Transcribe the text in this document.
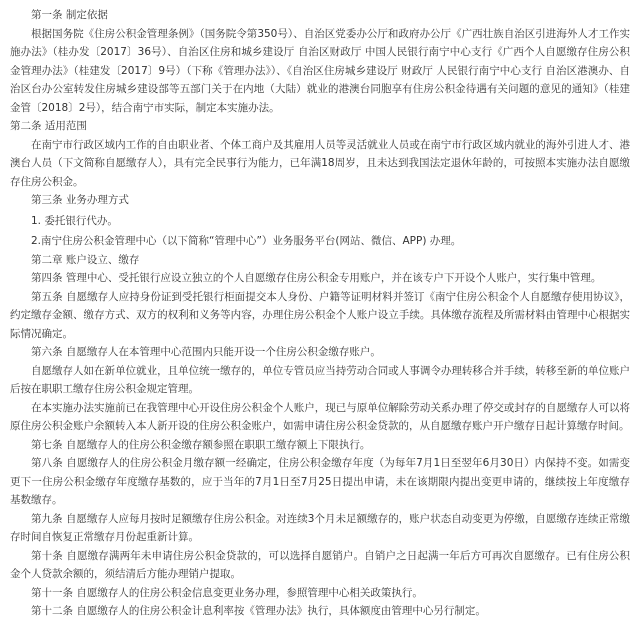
第一条 制定依据

根据国务院《住房公积金管理条例》（国务院令第350号）、自治区党委办公厅和政府办公厅《广西壮族自治区引进海外人才工作实施办法》（桂办发〔2017〕36号）、自治区住房和城乡建设厅 自治区财政厅 中国人民银行南宁中心支行《广西个人自愿缴存住房公积金管理办法》（桂建发〔2017〕9号）（下称《管理办法》）、《自治区住房城乡建设厅 财政厅 人民银行南宁中心支行 自治区港澳办、自治区台办公室转发住房城乡建设部等五部门关于在内地（大陆）就业的港澳台同胞享有住房公积金待遇有关问题的意见的通知》（桂建金管〔2018〕2号），结合南宁市实际，制定本实施办法。

第二条 适用范围

在南宁市行政区域内工作的自由职业者、个体工商户及其雇用人员等灵活就业人员或在南宁市行政区域内就业的海外引进人才、港澳台人员（下文简称自愿缴存人），具有完全民事行为能力，已年满18周岁，且未达到我国法定退休年龄的，可按照本实施办法自愿缴存住房公积金。

第三条 业务办理方式

1. 委托银行代办。

2.南宁住房公积金管理中心（以下简称“管理中心”）业务服务平台(网站、微信、APP) 办理。

第二章 账户设立、缴存

第四条 管理中心、受托银行应设立独立的个人自愿缴存住房公积金专用账户，并在该专户下开设个人账户，实行集中管理。

第五条 自愿缴存人应持身份证到受托银行柜面提交本人身份、户籍等证明材料并签订《南宁住房公积金个人自愿缴存使用协议》，约定缴存金额、缴存方式、双方的权利和义务等内容，办理住房公积金个人账户设立手续。具体缴存流程及所需材料由管理中心根据实际情况确定。

第六条 自愿缴存人在本管理中心范围内只能开设一个住房公积金缴存账户。

自愿缴存人如在新单位就业，且单位统一缴存的，单位专管员应当持劳动合同或人事调令办理转移合并手续，转移至新的单位账户后按在职职工缴存住房公积金规定管理。

在本实施办法实施前已在我管理中心开设住房公积金个人账户，现已与原单位解除劳动关系办理了停交或封存的自愿缴存人可以将原住房公积金账户余额转入本人新开设的住房公积金账户，如需申请住房公积金贷款的，从自愿缴存账户开户缴存日起计算缴存时间。

第七条 自愿缴存人的住房公积金缴存额参照在职职工缴存额上下限执行。

第八条 自愿缴存人的住房公积金月缴存额一经确定，住房公积金缴存年度（为每年7月1日至翌年6月30日）内保持不变。如需变更下一住房公积金缴存年度缴存基数的，应于当年的7月1日至7月25日提出申请，未在该期限内提出变更申请的，继续按上年度缴存基数缴存。

第九条 自愿缴存人应每月按时足额缴存住房公积金。对连续3个月未足额缴存的，账户状态自动变更为停缴，自愿缴存连续正常缴存时间自恢复正常缴存月份起重新计算。

第十条 自愿缴存满两年未申请住房公积金贷款的，可以选择自愿销户。自销户之日起满一年后方可再次自愿缴存。已有住房公积金个人贷款余额的，须结清后方能办理销户提取。

第十一条 自愿缴存人的住房公积金信息变更业务办理，参照管理中心相关政策执行。

第十二条 自愿缴存人的住房公积金计息利率按《管理办法》执行，具体额度由管理中心另行制定。
